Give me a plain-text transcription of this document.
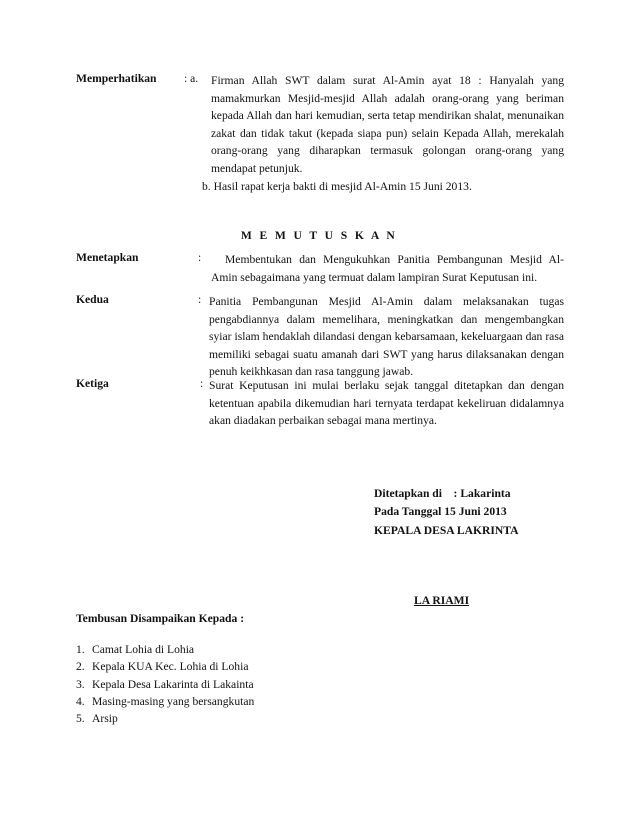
Memperhatikan : a. Firman Allah SWT dalam surat Al-Amin ayat 18 : Hanyalah yang mamakmurkan Mesjid-mesjid Allah adalah orang-orang yang beriman kepada Allah dan hari kemudian, serta tetap mendirikan shalat, menunaikan zakat dan tidak takut (kepada siapa pun) selain Kepada Allah, merekalah orang-orang yang diharapkan termasuk golongan orang-orang yang mendapat petunjuk.

b. Hasil rapat kerja bakti di mesjid Al-Amin 15 Juni 2013.

M E M U T U S K A N
Menetapkan	:	Membentukan dan Mengukuhkan Panitia Pembangunan Mesjid Al-Amin sebagaimana yang termuat dalam lampiran Surat Keputusan ini.

Kedua	: Panitia Pembangunan Mesjid Al-Amin dalam melaksanakan tugas pengabdiannya dalam memelihara, meningkatkan dan mengembangkan syiar islam hendaklah dilandasi dengan kebarsamaan, kekeluargaan dan rasa memiliki sebagai suatu amanah dari SWT yang harus dilaksanakan dengan penuh keikhkasan dan rasa tanggung jawab.

Ketiga	: Surat Keputusan ini mulai berlaku sejak tanggal ditetapkan dan dengan ketentuan apabila dikemudian hari ternyata terdapat kekeliruan didalamnya akan diadakan perbaikan sebagai mana mertinya.

Ditetapkan di    : Lakarinta
Pada Tanggal 15 Juni 2013
KEPALA DESA LAKRINTA
LA RIAMI
Tembusan Disampaikan Kepada :
1. Camat Lohia di Lohia
2. Kepala KUA Kec. Lohia di Lohia
3. Kepala Desa Lakarinta di Lakainta
4. Masing-masing yang bersangkutan
5. Arsip
